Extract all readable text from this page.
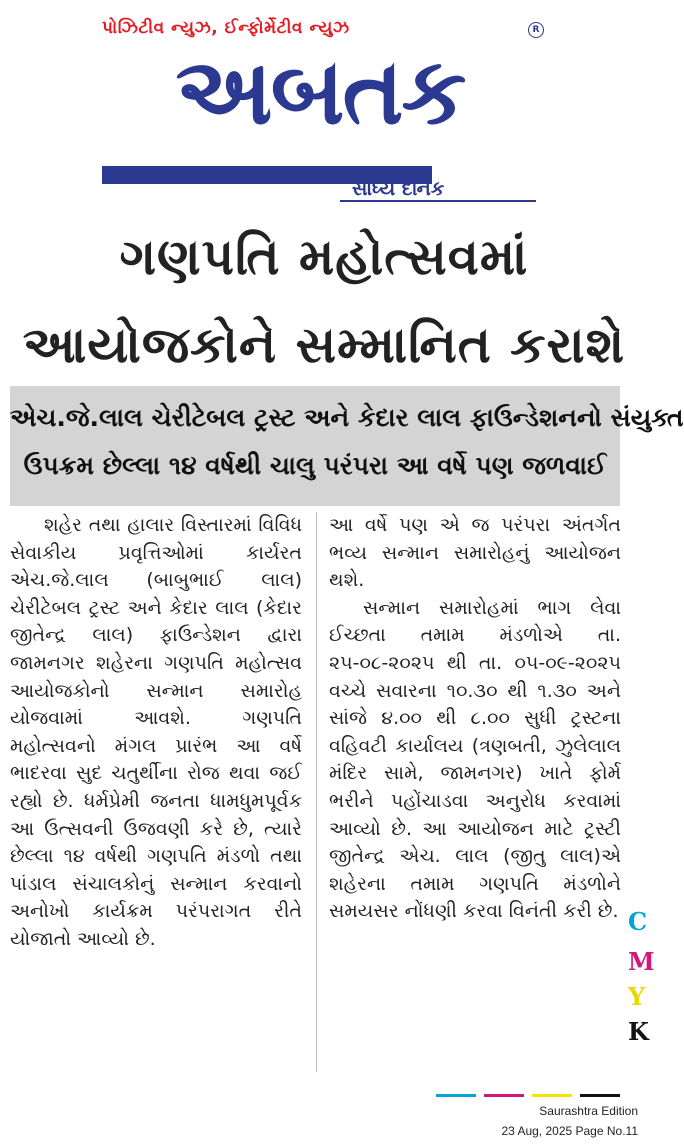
પોઝિટીવ ન્યુઝ, ઈન્ફોર્મેટીવ ન્યુઝ	R
અબતક
સાંધ્ય દૈનિક
ગણપતિ મહોત્સવમાં
આયોજકોને સમ્માનિત કરાશે
એચ.જે.લાલ ચેરીટેબલ ટ્રસ્ટ અને કેદાર લાલ ફાઉન્ડેશનનો સંયુક્ત
ઉપક્રમ છેલ્લા ૧૪ વર્ષથી ચાલુ પરંપરા આ વર્ષે પણ જળવાઈ

શહેર તથા હાલાર વિસ્તારમાં વિવિધ સેવાકીય પ્રવૃત્તિઓમાં કાર્યરત એચ.જે.લાલ (બાબુભાઈ લાલ) ચેરીટેબલ ટ્રસ્ટ અને કેદાર લાલ (કેદાર જીતેન્દ્ર લાલ) ફાઉન્ડેશન દ્વારા જામનગર શહેરના ગણપતિ મહોત્સવ આયોજકોનો સન્માન સમારોહ યોજવામાં આવશે. ગણપતિ મહોત્સવનો મંગલ પ્રારંભ આ વર્ષે ભાદરવા સુદ ચતુર્થીના રોજ થવા જઈ રહ્યો છે. ધર્મપ્રેમી જનતા ધામધુમપૂર્વક આ ઉત્સવની ઉજવણી કરે છે, ત્યારે છેલ્લા ૧૪ વર્ષથી ગણપતિ મંડળો તથા પાંડાલ સંચાલકોનું સન્માન કરવાનો અનોખો કાર્યક્રમ પરંપરાગત રીતે યોજાતો આવ્યો છે.

આ વર્ષે પણ એ જ પરંપરા અંતર્ગત ભવ્ય સન્માન સમારોહનું આયોજન થશે.

સન્માન સમારોહમાં ભાગ લેવા ઈચ્છતા તમામ મંડળોએ તા. ૨૫-૦૮-૨૦૨૫ થી તા. ૦૫-૦૯-૨૦૨૫ વચ્ચે સવારના ૧૦.૩૦ થી ૧.૩૦ અને સાંજે ૪.૦૦ થી ૮.૦૦ સુધી ટ્રસ્ટના વહિવટી કાર્યાલય (ત્રણબતી, ઝુલેલાલ મંદિર સામે, જામનગર) ખાતે ફોર્મ ભરીને પહોંચાડવા અનુરોધ કરવામાં આવ્યો છે. આ આયોજન માટે ટ્રસ્ટી જીતેન્દ્ર એચ. લાલ (જીતુ લાલ)એ શહેરના તમામ ગણપતિ મંડળોને સમયસર નોંધણી કરવા વિનંતી કરી છે. C
M
Y
K
Saurashtra Edition
23 Aug, 2025 Page No.11
